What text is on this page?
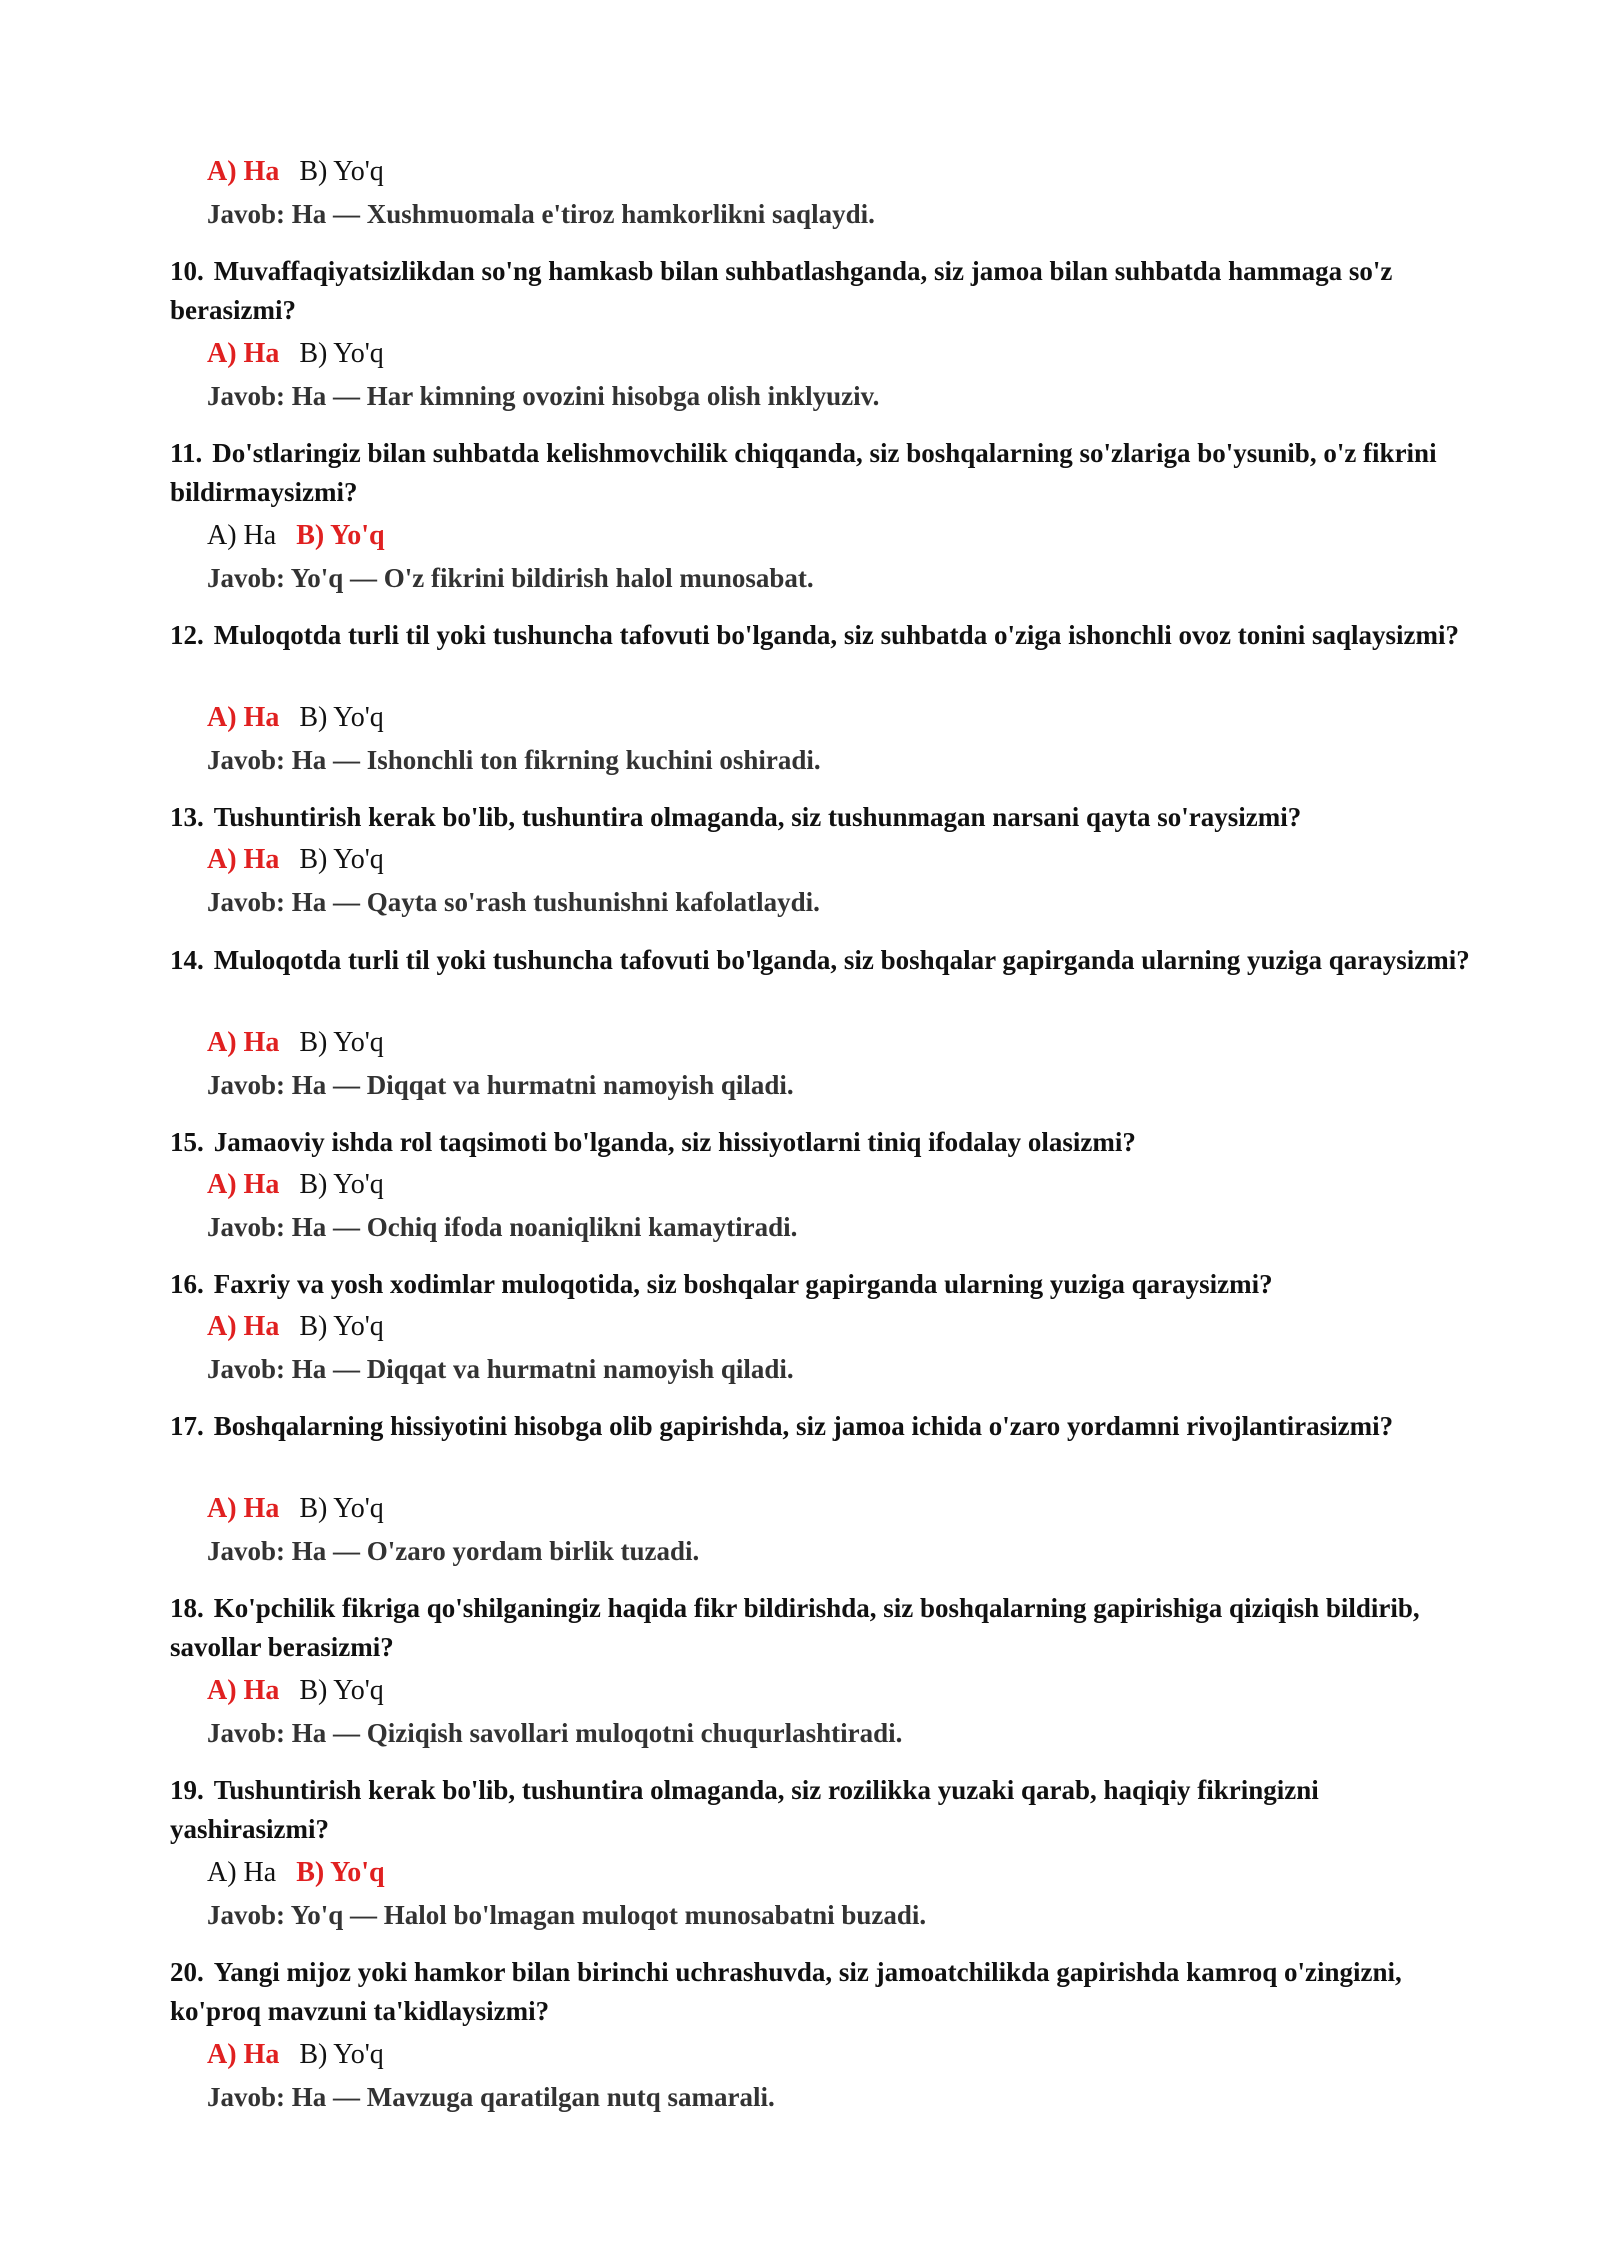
A) Ha B) Yo'q
Javob: Ha — Xushmuomala e'tiroz hamkorlikni saqlaydi.

10. Muvaffaqiyatsizlikdan so'ng hamkasb bilan suhbatlashganda, siz jamoa bilan suhbatda hammaga so'z berasizmi?

A) Ha B) Yo'q
Javob: Ha — Har kimning ovozini hisobga olish inklyuziv.

11. Do'stlaringiz bilan suhbatda kelishmovchilik chiqqanda, siz boshqalarning so'zlariga bo'ysunib, o'z fikrini bildirmaysizmi?

A) Ha B) Yo'q
Javob: Yo'q — O'z fikrini bildirish halol munosabat.

12. Muloqotda turli til yoki tushuncha tafovuti bo'lganda, siz suhbatda o'ziga ishonchli ovoz tonini saqlaysizmi?

A) Ha B) Yo'q
Javob: Ha — Ishonchli ton fikrning kuchini oshiradi.

13. Tushuntirish kerak bo'lib, tushuntira olmaganda, siz tushunmagan narsani qayta so'raysizmi?

A) Ha B) Yo'q
Javob: Ha — Qayta so'rash tushunishni kafolatlaydi.

14. Muloqotda turli til yoki tushuncha tafovuti bo'lganda, siz boshqalar gapirganda ularning yuziga qaraysizmi?

A) Ha B) Yo'q
Javob: Ha — Diqqat va hurmatni namoyish qiladi.

15. Jamaoviy ishda rol taqsimoti bo'lganda, siz hissiyotlarni tiniq ifodalay olasizmi?

A) Ha B) Yo'q
Javob: Ha — Ochiq ifoda noaniqlikni kamaytiradi.

16. Faxriy va yosh xodimlar muloqotida, siz boshqalar gapirganda ularning yuziga qaraysizmi?

A) Ha B) Yo'q
Javob: Ha — Diqqat va hurmatni namoyish qiladi.

17. Boshqalarning hissiyotini hisobga olib gapirishda, siz jamoa ichida o'zaro yordamni rivojlantirasizmi?

A) Ha B) Yo'q
Javob: Ha — O'zaro yordam birlik tuzadi.

18. Ko'pchilik fikriga qo'shilganingiz haqida fikr bildirishda, siz boshqalarning gapirishiga qiziqish bildirib, savollar berasizmi?

A) Ha B) Yo'q
Javob: Ha — Qiziqish savollari muloqotni chuqurlashtiradi.

19. Tushuntirish kerak bo'lib, tushuntira olmaganda, siz rozilikka yuzaki qarab, haqiqiy fikringizni yashirasizmi?

A) Ha B) Yo'q
Javob: Yo'q — Halol bo'lmagan muloqot munosabatni buzadi.

20. Yangi mijoz yoki hamkor bilan birinchi uchrashuvda, siz jamoatchilikda gapirishda kamroq o'zingizni, ko'proq mavzuni ta'kidlaysizmi?

A) Ha B) Yo'q
Javob: Ha — Mavzuga qaratilgan nutq samarali.
